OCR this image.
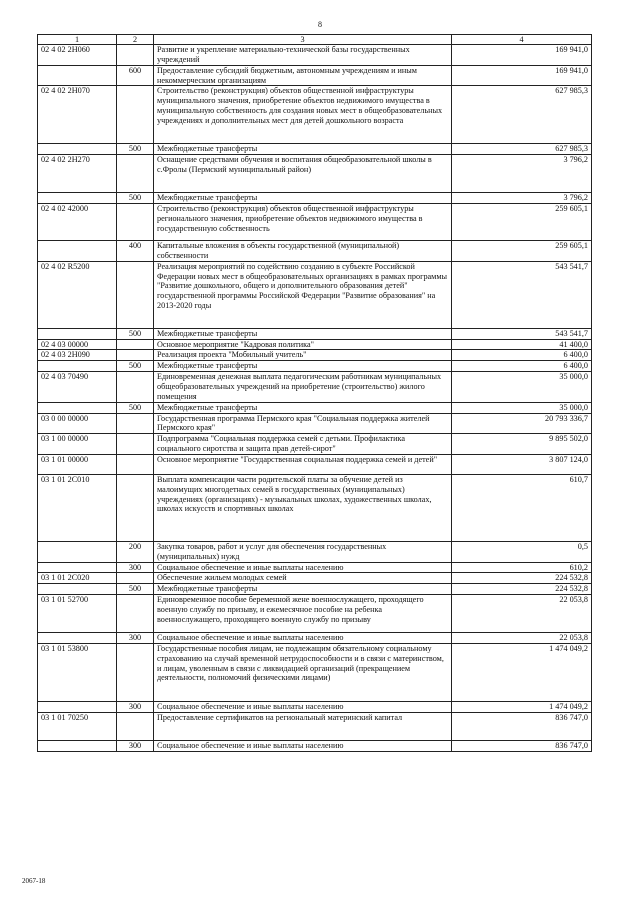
8
1	2	3	4
02 4 02 2Н060		Развитие и укрепление материально-технической базы государственных учреждений	169 941,0
	600	Предоставление субсидий бюджетным, автономным учреждениям и иным некоммерческим организациям	169 941,0
02 4 02 2Н070		Строительство (реконструкция) объектов общественной инфраструктуры муниципального значения, приобретение объектов недвижимого имущества в муниципальную собственность для создания новых мест в общеобразовательных учреждениях и дополнительных мест для детей дошкольного возраста	627 985,3
	500	Межбюджетные трансферты	627 985,3
02 4 02 2Н270		Оснащение средствами обучения и воспитания общеобразовательной школы в с.Фролы (Пермский муниципальный район)	3 796,2
	500	Межбюджетные трансферты	3 796,2
02 4 02 42000		Строительство (реконструкция) объектов общественной инфраструктуры регионального значения, приобретение объектов недвижимого имущества в государственную собственность	259 605,1
	400	Капитальные вложения в объекты государственной (муниципальной) собственности	259 605,1
02 4 02 R5200		Реализация мероприятий по содействию созданию в субъекте Российской Федерации новых мест в общеобразовательных организациях в рамках программы "Развитие дошкольного, общего и дополнительного образования детей" государственной программы Российской Федерации "Развитие образования" на 2013-2020 годы	543 541,7
	500	Межбюджетные трансферты	543 541,7
02 4 03 00000		Основное мероприятие "Кадровая политика"	41 400,0
02 4 03 2Н090		Реализация проекта "Мобильный учитель"	6 400,0
	500	Межбюджетные трансферты	6 400,0
02 4 03 70490		Единовременная денежная выплата педагогическим работникам муниципальных общеобразовательных учреждений на приобретение (строительство) жилого помещения	35 000,0
	500	Межбюджетные трансферты	35 000,0
03 0 00 00000		Государственная программа Пермского края "Социальная поддержка жителей Пермского края"	20 793 336,7
03 1 00 00000		Подпрограмма "Социальная поддержка семей с детьми. Профилактика социального сиротства и защита прав детей-сирот"	9 895 502,0
03 1 01 00000		Основное мероприятие "Государственная социальная поддержка семей и детей"	3 807 124,0
03 1 01 2С010		Выплата компенсации части родительской платы за обучение детей из малоимущих многодетных семей в государственных (муниципальных) учреждениях (организациях) - музыкальных школах, художественных школах, школах искусств и спортивных школах	610,7
	200	Закупка товаров, работ и услуг для обеспечения государственных (муниципальных) нужд	0,5
	300	Социальное обеспечение и иные выплаты населению	610,2
03 1 01 2С020		Обеспечение жильем молодых семей	224 532,8
	500	Межбюджетные трансферты	224 532,8
03 1 01 52700		Единовременное пособие беременной жене военнослужащего, проходящего военную службу по призыву, и ежемесячное пособие на ребенка военнослужащего, проходящего военную службу по призыву	22 053,8
	300	Социальное обеспечение и иные выплаты населению	22 053,8
03 1 01 53800		Государственные пособия лицам, не подлежащим обязательному социальному страхованию на случай временной нетрудоспособности и в связи с материнством, и лицам, уволенным в связи с ликвидацией организаций (прекращением деятельности, полномочий физическими лицами)	1 474 049,2
	300	Социальное обеспечение и иные выплаты населению	1 474 049,2
03 1 01 70250		Предоставление сертификатов на региональный материнский капитал	836 747,0
	300	Социальное обеспечение и иные выплаты населению	836 747,0
2067-18
